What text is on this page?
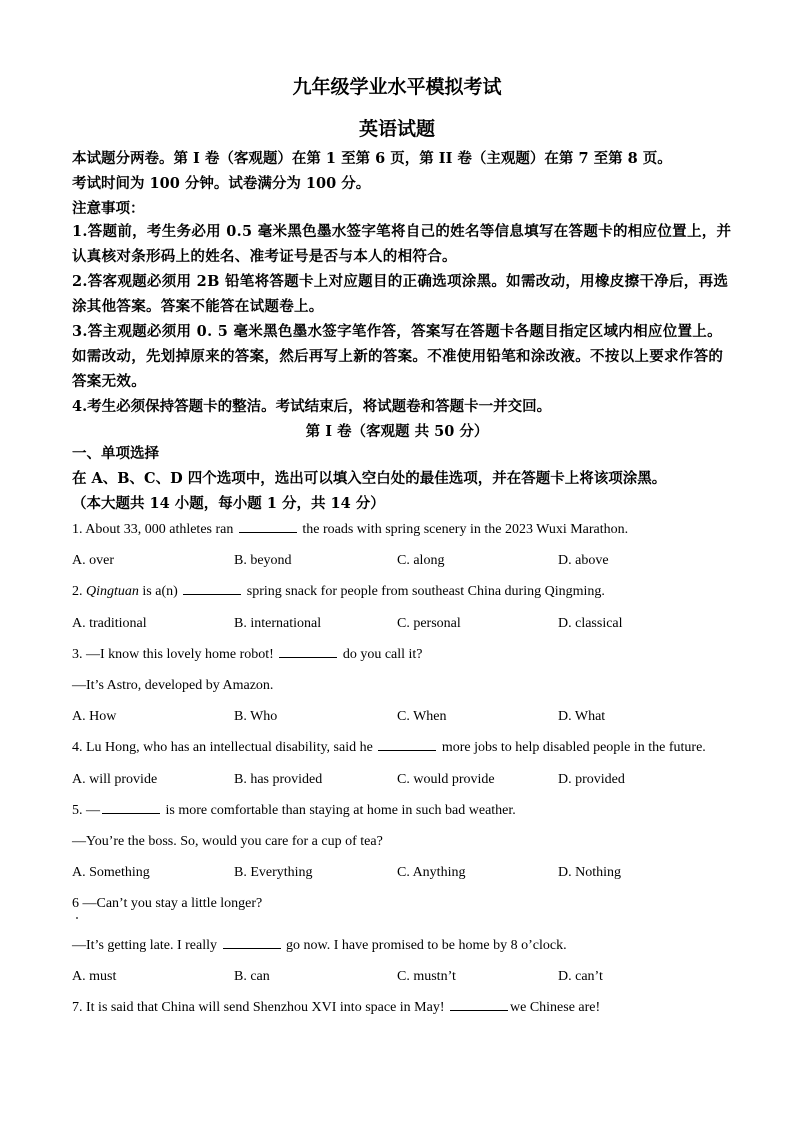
九年级学业水平模拟考试
英语试题
本试题分两卷。第 I 卷（客观题）在第 1 至第 6 页，第 II 卷（主观题）在第 7 至第 8 页。
考试时间为 100 分钟。试卷满分为 100 分。
注意事项：
1.答题前，考生务必用 0.5 毫米黑色墨水签字笔将自己的姓名等信息填写在答题卡的相应位置上，并认真核对条形码上的姓名、准考证号是否与本人的相符合。
2.答客观题必须用 2B 铅笔将答题卡上对应题目的正确选项涂黑。如需改动，用橡皮擦干净后，再选涂其他答案。答案不能答在试题卷上。
3.答主观题必须用 0. 5 毫米黑色墨水签字笔作答，答案写在答题卡各题目指定区域内相应位置上。如需改动，先划掉原来的答案，然后再写上新的答案。不准使用铅笔和涂改液。不按以上要求作答的答案无效。
4.考生必须保持答题卡的整洁。考试结束后，将试题卷和答题卡一并交回。
第 I 卷（客观题 共 50 分）
一、单项选择
在 A、B、C、D 四个选项中，选出可以填入空白处的最佳选项，并在答题卡上将该项涂黑。
（本大题共 14 小题，每小题 1 分，共 14 分）
1. About 33, 000 athletes ran	the roads with spring scenery in the 2023 Wuxi Marathon.
A. over	B. beyond	C. along	D. above
2. Qingtuan is a(n)	spring snack for people from southeast China during Qingming.
A. traditional	B. international	C. personal	D. classical
3. —I know this lovely home robot!	do you call it?
—It’s Astro, developed by Amazon.
A. How	B. Who	C. When	D. What
4. Lu Hong, who has an intellectual disability, said he	more jobs to help disabled people in the future.
A. will provide	B. has provided	C. would provide	D. provided
5. —	is more comfortable than staying at home in such bad weather.
—You’re the boss. So, would you care for a cup of tea?
A. Something	B. Everything	C. Anything	D. Nothing
6 —Can’t you stay a little longer?
—It’s getting late. I really	go now. I have promised to be home by 8 o’clock.
A. must	B. can	C. mustn’t	D. can’t
7. It is said that China will send Shenzhou XVI into space in May!	we Chinese are!
